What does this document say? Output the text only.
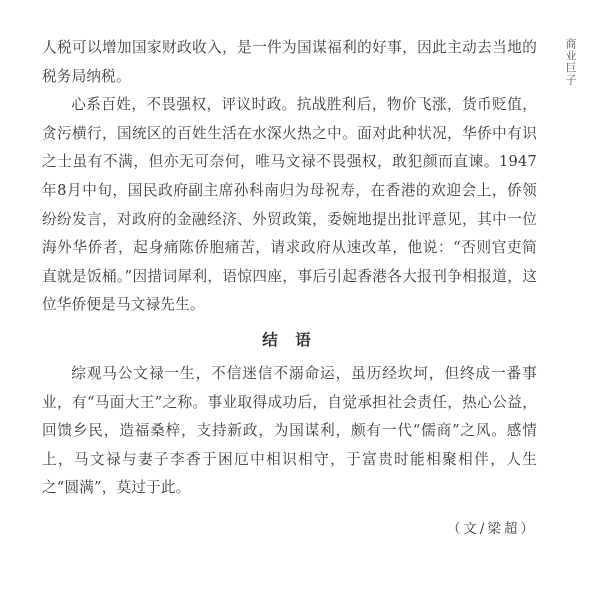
商业巨子

人税可以增加国家财政收入，是一件为国谋福利的好事，因此主动去当地的税务局纳税。

心系百姓，不畏强权，评议时政。抗战胜利后，物价飞涨，货币贬值，贪污横行，国统区的百姓生活在水深火热之中。面对此种状况，华侨中有识之士虽有不满，但亦无可奈何，唯马文禄不畏强权，敢犯颜而直谏。1947年8月中旬，国民政府副主席孙科南归为母祝寿，在香港的欢迎会上，侨领纷纷发言，对政府的金融经济、外贸政策，委婉地提出批评意见，其中一位海外华侨者，起身痛陈侨胞痛苦，请求政府从速改革，他说：“否则官吏简直就是饭桶。”因措词犀利，语惊四座，事后引起香港各大报刊争相报道，这位华侨便是马文禄先生。

结 语

综观马公文禄一生，不信迷信不溺命运，虽历经坎坷，但终成一番事业，有“马面大王”之称。事业取得成功后，自觉承担社会责任，热心公益，回馈乡民，造福桑梓，支持新政，为国谋利，颇有一代“儒商”之风。感情上，马文禄与妻子李香于困厄中相识相守，于富贵时能相聚相伴，人生之“圆满”，莫过于此。

（文/梁超）
